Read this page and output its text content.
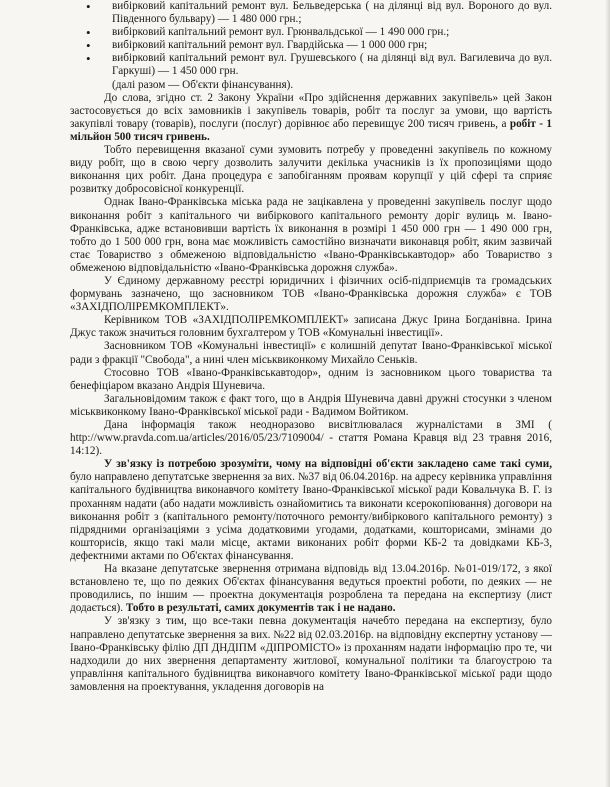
• вибірковий капітальний ремонт вул. Бельведерська ( на ділянці від вул. Вороного до вул. Південного бульвару) — 1 480 000 грн.;
• вибірковий капітальний ремонт вул. Грюнвальдської — 1 490 000 грн.;
• вибірковий капітальний ремонт вул. Гвардійська — 1 000 000 грн;
• вибірковий капітальний ремонт вул. Грушевського ( на ділянці від вул. Вагилевича до вул. Гаркуші) — 1 450 000 грн.
(далі разом — Об'єкти фінансування).

До слова, згідно ст. 2 Закону України «Про здійснення державних закупівель» цей Закон застосовується до всіх замовників і закупівель товарів, робіт та послуг за умови, що вартість закупівлі товару (товарів), послуги (послуг) дорівнює або перевищує 200 тисяч гривень, а робіт - 1 мільйон 500 тисяч гривень.

Тобто перевищення вказаної суми зумовить потребу у проведенні закупівель по кожному виду робіт, що в свою чергу дозволить залучити декілька учасників із їх пропозиціями щодо виконання цих робіт. Дана процедура є запобіганням проявам корупції у цій сфері та сприяє розвитку добросовісної конкуренції.

Однак Івано-Франківська міська рада не зацікавлена у проведенні закупівель послуг щодо виконання робіт з капітального чи вибіркового капітального ремонту доріг вулиць м. Івано-Франківська, адже встановивши вартість їх виконання в розмірі 1 450 000 грн — 1 490 000 грн, тобто до 1 500 000 грн, вона має можливість самостійно визначати виконавця робіт, яким зазвичай стає Товариство з обмеженою відповідальністю «Івано-Франківськавтодор» або Товариство з обмеженою відповідальністю «Івано-Франківська дорожня служба».

У Єдиному державному реєстрі юридичних і фізичних осіб-підприємців та громадських формувань зазначено, що засновником ТОВ «Івано-Франківська дорожня служба» є ТОВ «ЗАХІДПОЛІРЕМКОМПЛЕКТ».

Керівником ТОВ «ЗАХІДПОЛІРЕМКОМПЛЕКТ» записана Джус Ірина Богданівна. Ірина Джус також значиться головним бухгалтером у ТОВ «Комунальні інвестиції».

Засновником ТОВ «Комунальні інвестиції» є колишній депутат Івано-Франківської міської ради з фракції "Свобода", а нині член міськвиконкому Михайло Сеньків.

Стосовно ТОВ «Івано-Франківськавтодор», одним із засновником цього товариства та бенефіціаром вказано Андрія Шуневича.

Загальновідомим також є факт того, що в Андрія Шуневича давні дружні стосунки з членом міськвиконкому Івано-Франківської міської ради - Вадимом Войтиком.

Дана інформація також неодноразово висвітлювалася журналістами в ЗМІ ( http://www.pravda.com.ua/articles/2016/05/23/7109004/ - стаття Романа Кравця від 23 травня 2016, 14:12).

У зв'язку із потребою зрозуміти, чому на відповідні об'єкти закладено саме такі суми, було направлено депутатське звернення за вих. №37 від 06.04.2016р. на адресу керівника управління капітального будівництва виконавчого комітету Івано-Франківської міської ради Ковальчука В. Г. із проханням надати (або надати можливість ознайомитись та виконати ксерокопіювання) договори на виконання робіт з (капітального ремонту/поточного ремонту/вибіркового капітального ремонту) з підрядними організаціями з усіма додатковими угодами, додатками, кошторисами, змінами до кошторисів, якщо такі мали місце, актами виконаних робіт форми КБ-2 та довідками КБ-3, дефектними актами по Об'єктах фінансування.

На вказане депутатське звернення отримана відповідь від 13.04.2016р. №01-019/172, з якої встановлено те, що по деяких Об'єктах фінансування ведуться проектні роботи, по деяких — не проводились, по іншим — проектна документація розроблена та передана на експертизу (лист додається). Тобто в результаті, самих документів так і не надано.

У зв'язку з тим, що все-таки певна документація начебто передана на експертизу, було направлено депутатське звернення за вих. №22 від 02.03.2016р. на відповідну експертну установу — Івано-Франківську філію ДП ДНДІПМ «ДІПРОМІСТО» із проханням надати інформацію про те, чи надходили до них звернення департаменту житлової, комунальної політики та благоустрою та управління капітального будівництва виконавчого комітету Івано-Франківської міської ради щодо замовлення на проектування, укладення договорів на
